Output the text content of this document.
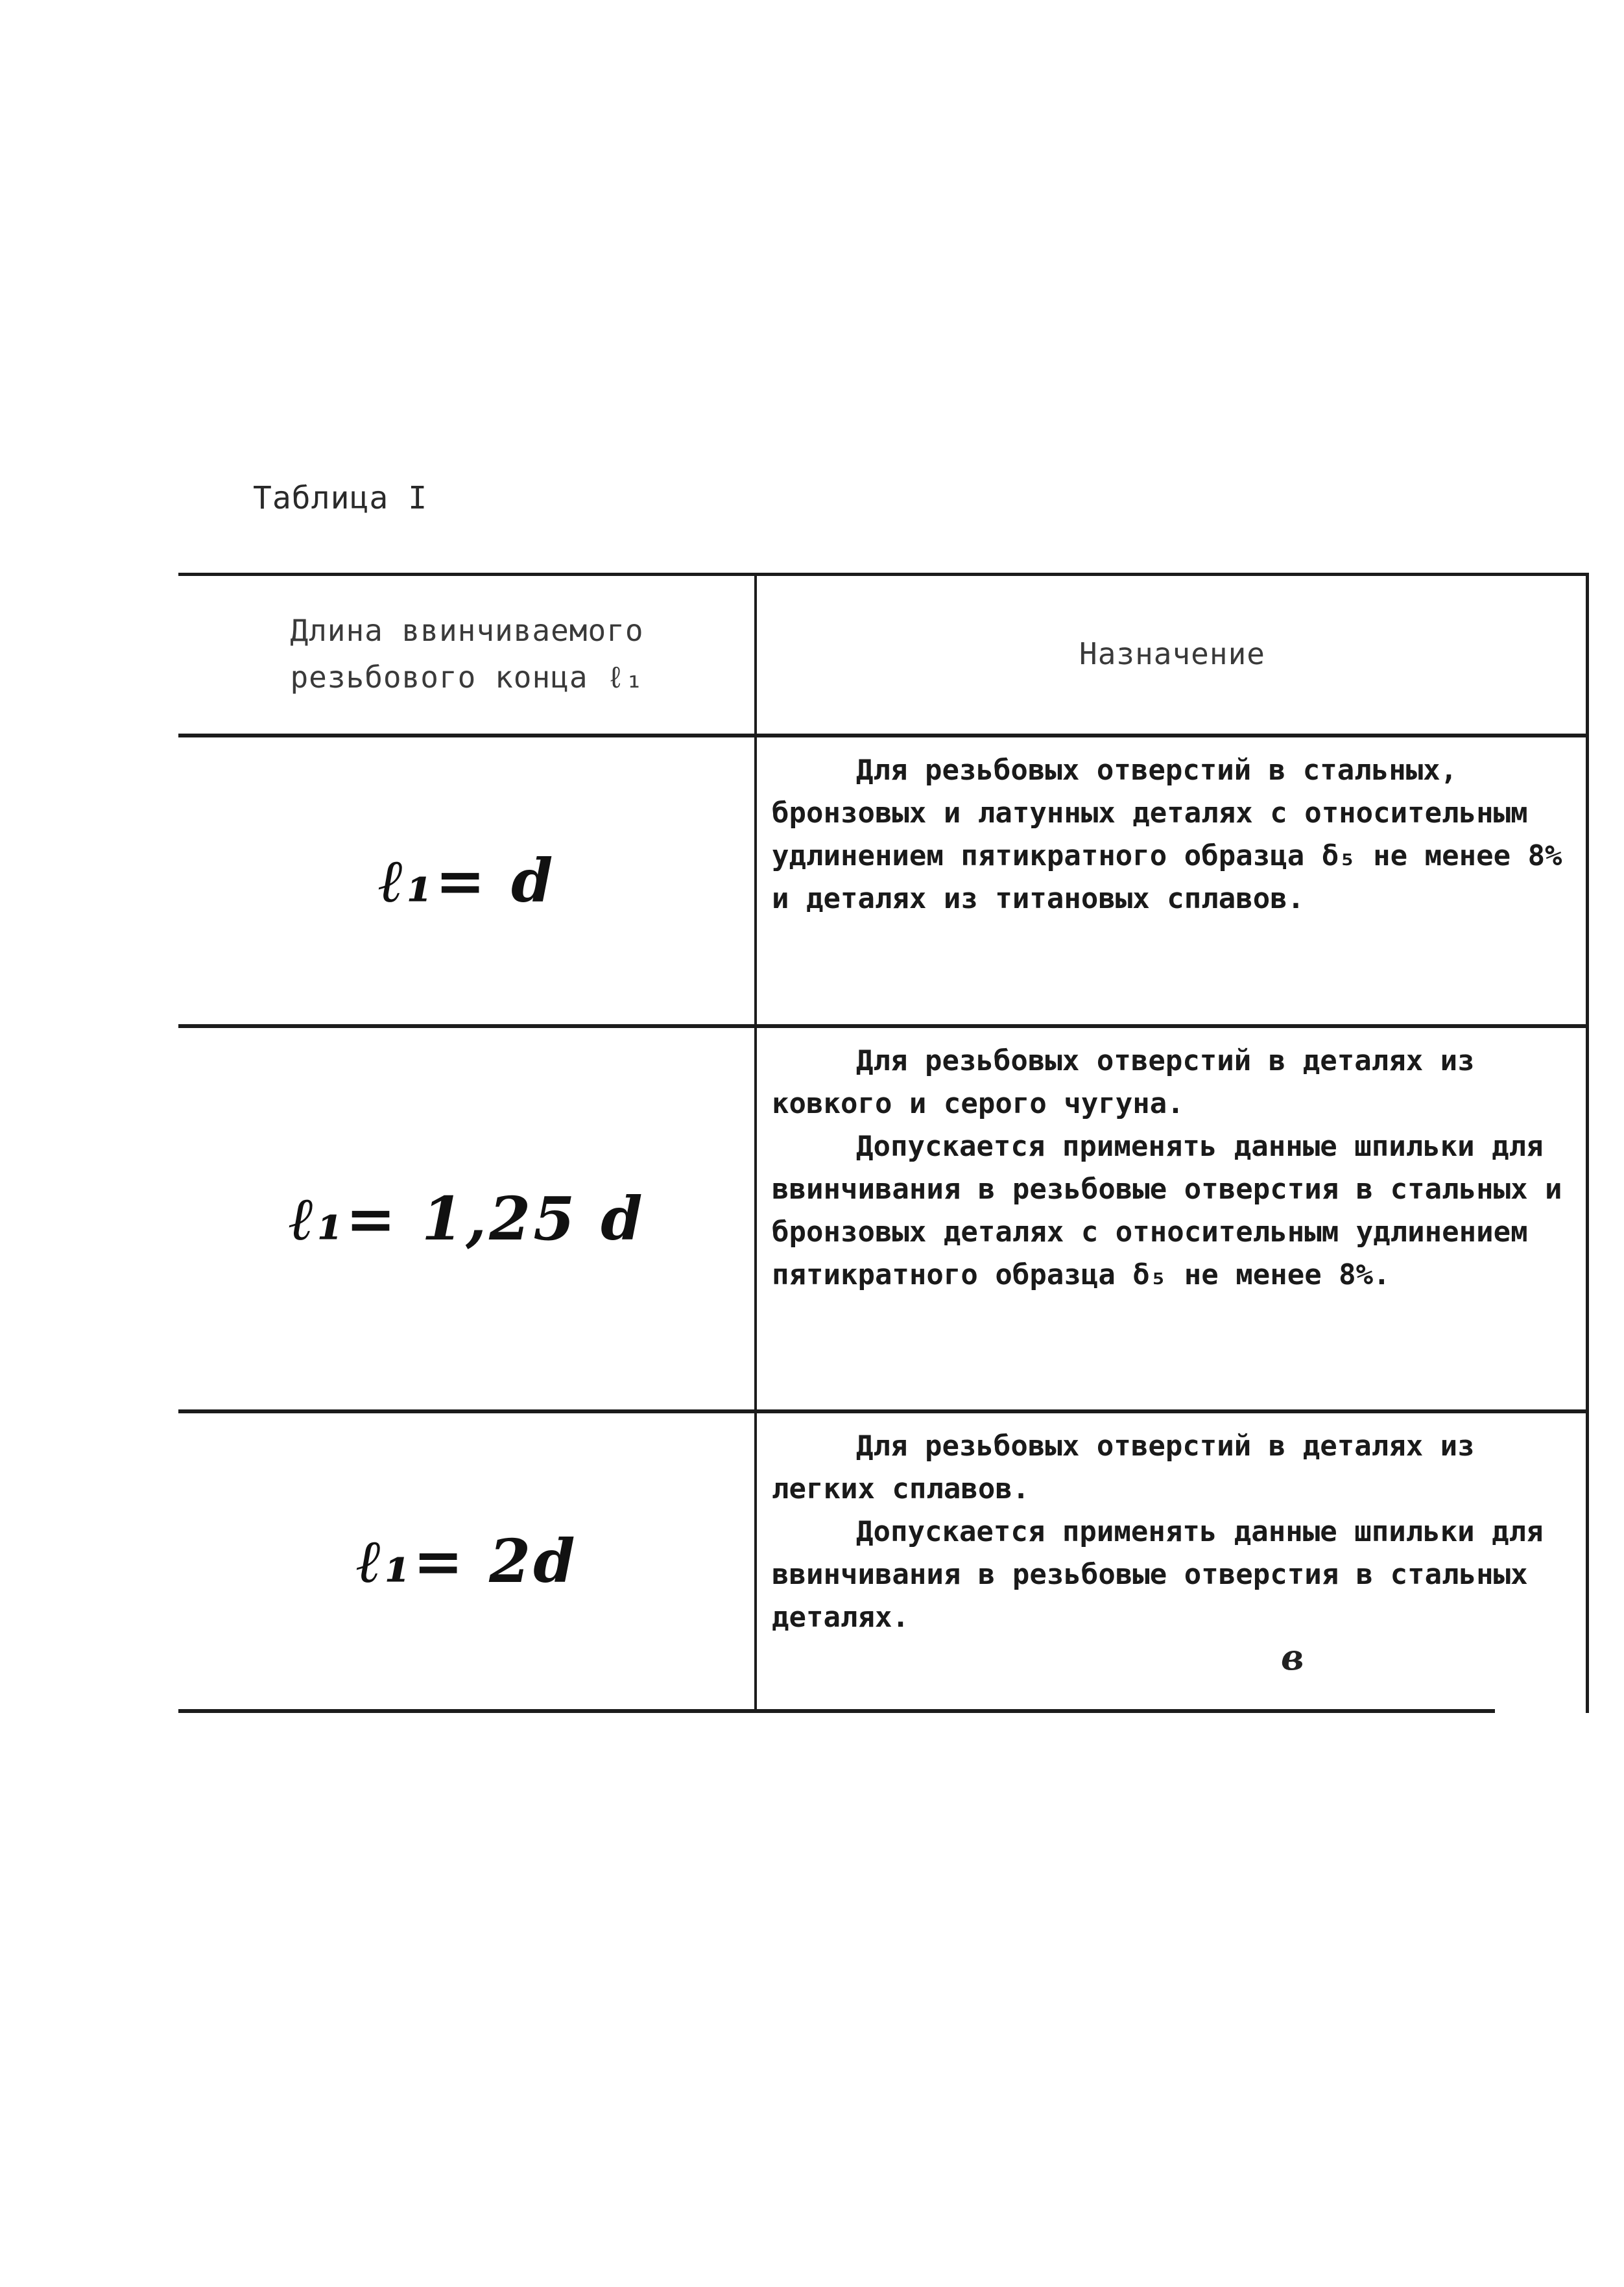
Таблица I
Длина ввинчиваемого резьбового конца ℓ₁
Назначение
ℓ₁= d

Для резьбовых отверстий в стальных, бронзовых и латунных деталях с относительным удлинением пятикратного образца δ₅ не менее 8% и деталях из титановых сплавов.

ℓ₁= 1,25 d

Для резьбовых отверстий в деталях из ковкого и серого чугуна.

Допускается применять данные шпильки для ввинчивания в резьбовые отверстия в стальных и бронзовых деталях с относительным удлинением пятикратного образца δ₅ не менее 8%.

ℓ₁= 2d

Для резьбовых отверстий в деталях из легких сплавов.

Допускается применять данные шпильки для ввинчивания в резьбовые отверстия в стальных деталях.

в
